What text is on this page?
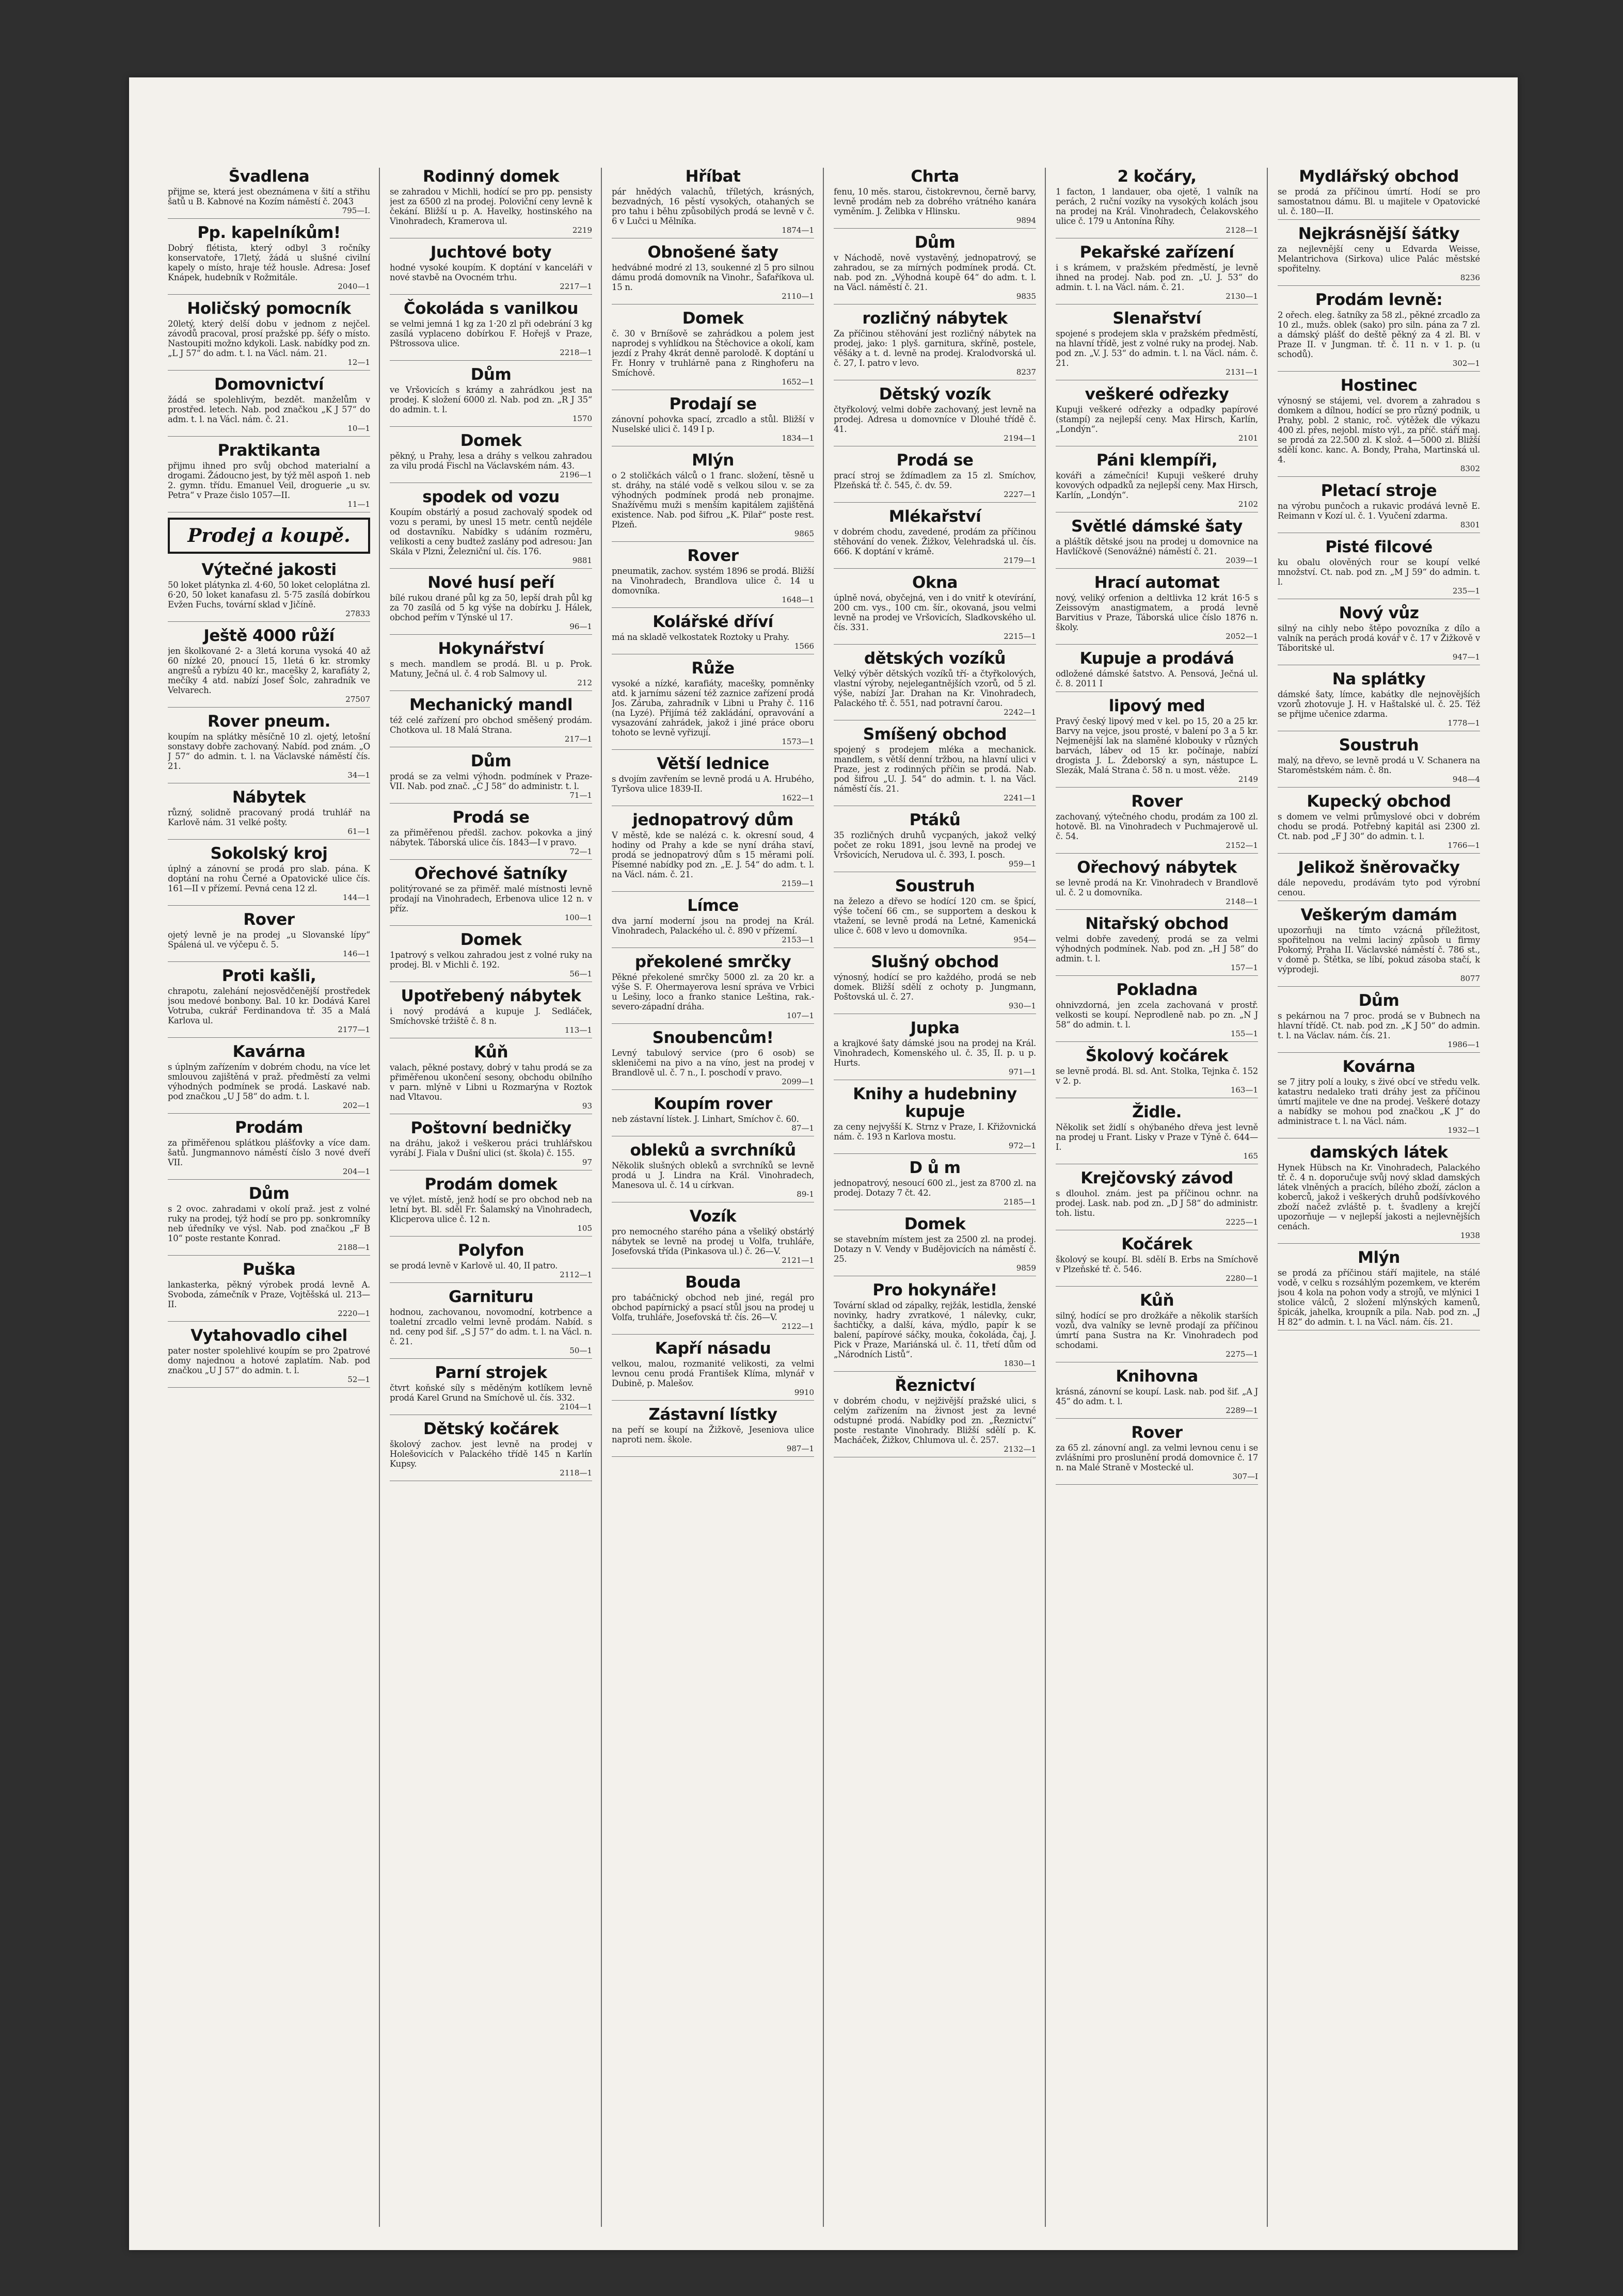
Švadlena
přijme se, která jest obeznámena v šití a střihu šatů u B. Kabnové na Kozím náměstí č. 2043
795—I.
Pp. kapelníkům!
Dobrý flétista, který odbyl 3 ročníky konservatoře, 17letý, žádá u slušné civilní kapely o místo, hraje též housle. Adresa: Josef Knápek, hudebník v Rožmitále.
2040—1
Holičský pomocník
20letý, který delší dobu v jednom z nejčel. závodů pracoval, prosí pražské pp. šéfy o místo. Nastoupiti možno kdykoli. Lask. nabídky pod zn. „L J 57“ do adm. t. l. na Václ. nám. 21.
12—1
Domovnictví
žádá se spolehlivým, bezdět. manželům v prostřed. letech. Nab. pod značkou „K J 57“ do adm. t. l. na Václ. nám. č. 21.
10—1
Praktikanta
přijmu ihned pro svůj obchod materialní a drogami. Žádoucno jest, by týž měl aspoň 1. neb 2. gymn. třídu. Emanuel Veil, droguerie „u sv. Petra“ v Praze čislo 1057—II.
11—1
Prodej a koupě.
Výtečné jakosti
50 loket plátynka zl. 4·60, 50 loket celoplátna zl. 6·20, 50 loket kanafasu zl. 5·75 zasílá dobírkou Evžen Fuchs, tovární sklad v Jičíně.
27833
Ještě 4000 růží
jen školkované 2- a 3letá koruna vysoká 40 až 60 nízké 20, pnoucí 15, 1letá 6 kr. stromky angrešů a rybízu 40 kr., macešky 2, karafiáty 2, mečíky 4 atd. nabízí Josef Šolc, zahradník ve Velvarech.
27507
Rover pneum.
koupím na splátky měsíčně 10 zl. ojetý, letošní sonstavy dobře zachovaný. Nabíd. pod znám. „O J 57“ do admin. t. l. na Václavské náměstí čís. 21.
34—1
Nábytek
různý, solidně pracovaný prodá truhlář na Karlově nám. 31 velké pošty.
61—1
Sokolský kroj
úplný a zánovní se prodá pro slab. pána. K doptání na rohu Černé a Opatovické ulice čís. 161—II v přízemí. Pevná cena 12 zl.
144—1
Rover
ojetý levně je na prodej „u Slovanské lípy“ Spálená ul. ve výčepu č. 5.
146—1
Proti kašli,
chrapotu, zalehání nejosvědčenější prostředek jsou medové bonbony. Bal. 10 kr. Dodává Karel Votruba, cukrář Ferdinandova tř. 35 a Malá Karlova ul.
2177—1
Kavárna
s úplným zařízením v dobrém chodu, na více let smlouvou zajištěná v praž. předměstí za velmi výhodných podmínek se prodá. Laskavé nab. pod značkou „U J 58“ do adm. t. l.
202—1
Prodám
za přiměřenou splátkou plášťovky a více dam. šatů. Jungmannovo náměstí číslo 3 nové dveří VII.
204—1
Dům
s 2 ovoc. zahradami v okolí praž. jest z volné ruky na prodej, týž hodí se pro pp. sonkromníky neb úředníky ve výsl. Nab. pod značkou „F B 10“ poste restante Konrad.
2188—1
Puška
lankasterka, pěkný výrobek prodá levně A. Svoboda, zámečník v Praze, Vojtěšská ul. 213—II.
2220—1
Vytahovadlo cihel
pater noster spolehlivé koupím se pro 2patrové domy najednou a hotové zaplatím. Nab. pod značkou „U J 57“ do admin. t. l.
52—1
Rodinný domek
se zahradou v Michli, hodící se pro pp. pensisty jest za 6500 zl na prodej. Poloviční ceny levně k čekání. Bližší u p. A. Havelky, hostinského na Vinohradech, Kramerova ul.
2219
Juchtové boty
hodné vysoké koupím. K doptání v kanceláři v nové stavbě na Ovocném trhu.
2217—1
Čokoláda s vanilkou
se velmi jemná 1 kg za 1·20 zl při odebrání 3 kg zasílá vyplaceno dobírkou F. Hořejš v Praze, Pštrossova ulice.
2218—1
Dům
ve Vršovicích s krámy a zahrádkou jest na prodej. K složení 6000 zl. Nab. pod zn. „R J 35“ do admin. t. l.
1570
Domek
pěkný, u Prahy, lesa a dráhy s velkou zahradou za vilu prodá Fischl na Václavském nám. 43.
2196—1
spodek od vozu
Koupím obstárlý a posud zachovalý spodek od vozu s perami, by unesl 15 metr. centů nejdéle od dostavníku. Nabídky s udáním rozměru, velikosti a ceny budtež zaslány pod adresou: Jan Skála v Plzni, Železniční ul. čís. 176.
9881
Nové husí peří
bílé rukou drané půl kg za 50, lepší drah půl kg za 70 zasílá od 5 kg výše na dobírku J. Hálek, obchod peřím v Týnské ul 17.
96—1
Hokynářství
s mech. mandlem se prodá. Bl. u p. Prok. Matuny, Ječná ul. č. 4 rob Salmovy ul.
212
Mechanický mandl
též celé zařízení pro obchod směšený prodám. Chotkova ul. 18 Malá Strana.
217—1
Dům
prodá se za velmi výhodn. podmínek v Praze-VII. Nab. pod znač. „C J 58“ do administr. t. l.
71—1
Prodá se
za přiměřenou předšl. zachov. pokovka a jiný nábytek. Táborská ulice čís. 1843—I v pravo.
72—1
Ořechové šatníky
politýrované se za přiměř. malé místnosti levně prodají na Vinohradech, Erbenova ulice 12 n. v příz.
100—1
Domek
1patrový s velkou zahradou jest z volné ruky na prodej. Bl. v Michli č. 192.
56—1
Upotřebený nábytek
i nový prodává a kupuje J. Sedláček, Smíchovské tržiště č. 8 n.
113—1
Kůň
valach, pěkné postavy, dobrý v tahu prodá se za přiměřenou ukončení sesony, obchodu obilního v parn. mlýně v Libni u Rozmarýna v Roztok nad Vltavou.
93
Poštovní bedničky
na dráhu, jakož i veškerou práci truhlářskou vyrábí J. Fiala v Dušní ulici (st. škola) č. 155.
97
Prodám domek
ve výlet. místě, jenž hodí se pro obchod neb na letní byt. Bl. sděl Fr. Šalamský na Vinohradech, Klicperova ulice č. 12 n.
105
Polyfon
se prodá levně v Karlově ul. 40, II patro.
2112—1
Garnituru
hodnou, zachovanou, novomodní, kotrbence a toaletní zrcadlo velmi levně prodám. Nabíd. s nd. ceny pod šif. „S J 57“ do adm. t. l. na Václ. n. č. 21.
50—1
Parní strojek
čtvrt koňské síly s měděným kotlíkem levně prodá Karel Grund na Smíchově ul. čís. 332.
2104—1
Dětský kočárek
školový zachov. jest levně na prodej v Holešovicích v Palackého třídě 145 n Karlín Kupsy.
2118—1
Hříbat
pár hnědých valachů, tříletých, krásných, bezvadných, 16 pěstí vysokých, otahaných se pro tahu i běhu způsobilých prodá se levně v č. 6 v Lučci u Mělníka.
1874—1
Obnošené šaty
hedvábné modré zl 13, soukenné zl 5 pro silnou dámu prodá domovník na Vinohr., Šafaříkova ul. 15 n.
2110—1
Domek
č. 30 v Brníšově se zahrádkou a polem jest naprodej s vyhlídkou na Štěchovice a okolí, kam jezdí z Prahy 4krát denně parolodě. K doptání u Fr. Honry v truhlárně pana z Ringhoferu na Smíchově.
1652—1
Prodají se
zánovní pohovka spací, zrcadlo a stůl. Bližší v Nuselské ulici č. 149 I p.
1834—1
Mlýn
o 2 stoličkách válců o 1 franc. složení, těsně u st. dráhy, na stálé vodě s velkou silou v. se za výhodných podmínek prodá neb pronajme. Snažívěmu muži s menším kapitálem zajištěná existence. Nab. pod šifrou „K. Pilař“ poste rest. Plzeň.
9865
Rover
pneumatik, zachov. systém 1896 se prodá. Bližší na Vinohradech, Brandlova ulice č. 14 u domovníka.
1648—1
Kolářské dříví
má na skladě velkostatek Roztoky u Prahy.
1566
Růže
vysoké a nízké, karafiáty, macešky, pomněnky atd. k jarnímu sázení též zaznice zařízení prodá Jos. Záruba, zahradník v Libni u Prahy č. 116 (na Lyzé). Přijímá též zakládání, opravování a vysazování zahrádek, jakož i jiné práce oboru tohoto se levně vyřizují.
1573—1
Větší lednice
s dvojím zavřením se levně prodá u A. Hrubého, Tyršova ulice 1839-II.
1622—1
jednopatrový dům
V městě, kde se nalézá c. k. okresní soud, 4 hodiny od Prahy a kde se nyní dráha staví, prodá se jednopatrový dům s 15 měrami polí. Písemné nabídky pod zn. „E. J. 54“ do adm. t. l. na Václ. nám. č. 21.
2159—1
Límce
dva jarní moderní jsou na prodej na Král. Vinohradech, Palackého ul. č. 890 v přízemí.
2153—1
překolené smrčky
Pěkné překolené smrčky 5000 zl. za 20 kr. a výše S. F. Ohermayerova lesní správa ve Vrbici u Lešiny, loco a franko stanice Leština, rak.-severo-západní dráha.
107—1
Snoubencům!
Levný tabulový service (pro 6 osob) se skleničemi na pivo a na víno, jest na prodej v Brandlově ul. č. 7 n., I. poschodí v pravo.
2099—1
Koupím rover
neb zástavní lístek. J. Linhart, Smíchov č. 60.
87—1
obleků a svrchníků
Několik slušných obleků a svrchníků se levně prodá u J. Lindra na Král. Vinohradech, Manesova ul. č. 14 u církvan.
89-1
Vozík
pro nemocného starého pána a všeliký obstárlý nábytek se levně na prodej u Volfa, truhláře, Josefovská třída (Pinkasova ul.) č. 26—V.
2121—1
Bouda
pro tabáčnický obchod neb jiné, regál pro obchod papírnický a psací stůl jsou na prodej u Volfa, truhláře, Josefovská tř. čís. 26—V.
2122—1
Kapří násadu
velkou, malou, rozmanité velikosti, za velmi levnou cenu prodá František Klíma, mlynář v Dubině, p. Malešov.
9910
Zástavní lístky
na peří se koupí na Žižkově, Jeseniova ulice naproti nem. škole.
987—1
Chrta
fenu, 10 měs. starou, čistokrevnou, černě barvy, levně prodám neb za dobrého vrátného kanára vyměním. J. Želibka v Hlinsku.
9894
Dům
v Náchodě, nově vystavěný, jednopatrový, se zahradou, se za mírných podmínek prodá. Ct. nab. pod zn. „Výhodná koupě 64“ do adm. t. l. na Václ. náměstí č. 21.
9835
rozličný nábytek
Za příčinou stěhování jest rozličný nábytek na prodej, jako: 1 plyš. garnitura, skříně, postele, věšáky a t. d. levně na prodej. Kralodvorská ul. č. 27, I. patro v levo.
8237
Dětský vozík
čtyřkolový, velmi dobře zachovaný, jest levně na prodej. Adresa u domovníce v Dlouhé třídě č. 41.
2194—1
Prodá se
prací stroj se ždímadlem za 15 zl. Smíchov, Plzeňská tř. č. 545, č. dv. 59.
2227—1
Mlékařství
v dobrém chodu, zavedené, prodám za příčinou stěhování do venek. Žižkov, Velehradská ul. čís. 666. K doptání v krámě.
2179—1
Okna
úplně nová, obyčejná, ven i do vnitř k otevírání, 200 cm. vys., 100 cm. šír., okovaná, jsou velmi levně na prodej ve Vršovicích, Sladkovského ul. čís. 331.
2215—1
dětských vozíků
Velký výběr dětských vozíků tří- a čtyřkolových, vlastní výroby, nejelegantnějších vzorů, od 5 zl. výše, nabízí Jar. Drahan na Kr. Vinohradech, Palackého tř. č. 551, nad potravní čarou.
2242—1
Smíšený obchod
spojený s prodejem mléka a mechanick. mandlem, s větší denní tržbou, na hlavní ulici v Praze, jest z rodinných příčin se prodá. Nab. pod šifrou „U. J. 54“ do admin. t. l. na Václ. náměstí čís. 21.
2241—1
Ptáků
35 rozličných druhů vycpaných, jakož velký počet ze roku 1891, jsou levně na prodej ve Vršovicích, Nerudova ul. č. 393, I. posch.
959—1
Soustruh
na železo a dřevo se hodící 120 cm. se špicí, výše točení 66 cm., se supportem a deskou k vtažení, se levně prodá na Letné, Kamenická ulice č. 608 v levo u domovníka.
954—
Slušný obchod
výnosný, hodící se pro každého, prodá se neb domek. Bližší sdělí z ochoty p. Jungmann, Poštovská ul. č. 27.
930—1
Jupka
a krajkové šaty dámské jsou na prodej na Král. Vinohradech, Komenského ul. č. 35, II. p. u p. Hurts.
971—1
Knihy a hudebniny kupuje
za ceny nejvyšší K. Strnz v Praze, I. Křižovnická nám. č. 193 n Karlova mostu.
972—1
D ů m
jednopatrový, nesoucí 600 zl., jest za 8700 zl. na prodej. Dotazy 7 čt. 42.
2185—1
Domek
se stavebním místem jest za 2500 zl. na prodej. Dotazy n V. Vendy v Budějovicích na náměstí č. 25.
9859
Pro hokynáře!
Tovární sklad od zápalky, rejžák, lestidla, ženské novinky, hadry zvratkové, 1 nálevky, cukr, šachtičky, a další, káva, mýdlo, papír k se balení, papírové sáčky, mouka, čokoláda, čaj, J. Pick v Praze, Mariánská ul. č. 11, třetí dům od „Národních Listů“.
1830—1
Řeznictví
v dobrém chodu, v nejživější pražské ulici, s celým zařízením na živnost jest za levné odstupné prodá. Nabídky pod zn. „Řeznictví“ poste restante Vinohrady. Bližší sdělí p. K. Macháček, Žižkov, Chlumova ul. č. 257.
2132—1
2 kočáry,
1 facton, 1 landauer, oba ojetě, 1 valník na perách, 2 ruční vozíky na vysokých kolách jsou na prodej na Král. Vinohradech, Čelakovského ulice č. 179 u Antonína Říhy.
2128—1
Pekařské zařízení
i s krámem, v pražském předměstí, je levně ihned na prodej. Nab. pod zn. „U. J. 53“ do admin. t. l. na Václ. nám. č. 21.
2130—1
Slenařství
spojené s prodejem skla v pražském předměstí, na hlavní třídě, jest z volné ruky na prodej. Nab. pod zn. „V. J. 53“ do admin. t. l. na Václ. nám. č. 21.
2131—1
veškeré odřezky
Kupuji veškeré odřezky a odpadky papírové (stampí) za nejlepší ceny. Max Hirsch, Karlín, „Londýn“.
2101
Páni klempíři,
kováři a zámečníci! Kupuji veškeré druhy kovových odpadků za nejlepší ceny. Max Hirsch, Karlín, „Londýn“.
2102
Světlé dámské šaty
a pláštík dětské jsou na prodej u domovnice na Havlíčkově (Senovážné) náměstí č. 21.
2039—1
Hrací automat
nový, veliký orfenion a deltlivka 12 krát 16·5 s Zeissovým anastigmatem, a prodá levně Barvitius v Praze, Táborská ulice číslo 1876 n. školy.
2052—1
Kupuje a prodává
odložené dámské šatstvo. A. Pensová, Ječná ul. č. 8. 2011 I
lipový med
Pravý český lipový med v kel. po 15, 20 a 25 kr. Barvy na vejce, jsou prosté, v balení po 3 a 5 kr. Nejmenější lak na slaměné klobouky v různých barvách, lábev od 15 kr. počínaje, nabízí drogista J. L. Ždeborský a syn, nástupce L. Slezák, Malá Strana č. 58 n. u most. věže.
2149
Rover
zachovaný, výtečného chodu, prodám za 100 zl. hotově. Bl. na Vinohradech v Puchmajerově ul. č. 54.
2152—1
Ořechový nábytek
se levně prodá na Kr. Vinohradech v Brandlově ul. č. 2 u domovníka.
2148—1
Nitařský obchod
velmi dobře zavedený, prodá se za velmi výhodných podmínek. Nab. pod zn. „H J 58“ do admin. t. l.
157—1
Pokladna
ohnivzdorná, jen zcela zachovaná v prostř. velkosti se koupí. Neprodleně nab. po zn. „N J 58“ do admin. t. l.
155—1
Školový kočárek
se levně prodá. Bl. sd. Ant. Stolka, Tejnka č. 152 v 2. p.
163—1
Židle.
Několik set židlí s ohýbaného dřeva jest levně na prodej u Frant. Lisky v Praze v Týně č. 644—I.
165
Krejčovský závod
s dlouhol. znám. jest pa příčinou ochnr. na prodej. Lask. nab. pod zn. „D J 58“ do administr. toh. listu.
2225—1
Kočárek
školový se koupí. Bl. sdělí B. Erbs na Smíchově v Plzeňské tř. č. 546.
2280—1
Kůň
silný, hodící se pro drožkáře a několik starších vozů, dva valníky se levně prodají za příčinou úmrtí pana Sustra na Kr. Vinohradech pod schodami.
2275—1
Knihovna
krásná, zánovní se koupí. Lask. nab. pod šif. „A J 45“ do adm. t. l.
2289—1
Rover
za 65 zl. zánovní angl. za velmi levnou cenu i se zvlášními pro proslunění prodá domovnice č. 17 n. na Malé Straně v Mostecké ul.
307—I
Mydlářský obchod
se prodá za příčinou úmrtí. Hodí se pro samostatnou dámu. Bl. u majitele v Opatovické ul. č. 180—II.
Nejkrásnější šátky
za nejlevnější ceny u Edvarda Weisse, Melantrichova (Sirkova) ulice Palác městské spořitelny.
8236
Prodám levně:
2 ořech. eleg. šatníky za 58 zl., pěkné zrcadlo za 10 zl., mužs. oblek (sako) pro siln. pána za 7 zl. a dámský plášť do deště pěkný za 4 zl. Bl. v Praze II. v Jungman. tř. č. 11 n. v 1. p. (u schodů).
302—1
Hostinec
výnosný se stájemi, vel. dvorem a zahradou s domkem a dílnou, hodící se pro různý podnik, u Prahy, pobl. 2 stanic, roč. výtěžek dle výkazu 400 zl. přes, nejobl. místo výl., za příč. stáří maj. se prodá za 22.500 zl. K slož. 4—5000 zl. Bližší sdělí konc. kanc. A. Bondy, Praha, Martinská ul. 4.
8302
Pletací stroje
na výrobu punčoch a rukavic prodává levně E. Reimann v Kozí ul. č. 1. Vyučení zdarma.
8301
Pisté filcové
ku obalu olověných rour se koupí velké množství. Ct. nab. pod zn. „M J 59“ do admin. t. l.
235—1
Nový vůz
silný na cihly nebo štěpo povozníka z dílo a valník na perách prodá kovář v č. 17 v Žižkově v Táboritské ul.
947—1
Na splátky
dámské šaty, límce, kabátky dle nejnovějších vzorů zhotovuje J. H. v Haštalské ul. č. 25. Též se přijme učenice zdarma.
1778—1
Soustruh
malý, na dřevo, se levně prodá u V. Schanera na Staroměstském nám. č. 8n.
948—4
Kupecký obchod
s domem ve velmi průmyslové obci v dobrém chodu se prodá. Potřebný kapitál asi 2300 zl. Ct. nab. pod „F J 30“ do admin. t. l.
1766—1
Jelikož šněrovačky
dále nepovedu, prodávám tyto pod výrobní cenou.
Veškerým damám
upozorňuji na tímto vzácná příležitost, spořitelnou na velmi laciný způsob u firmy Pokorný, Praha II. Václavské náměstí č. 786 st., v domě p. Štětka, se líbí, pokud zásoba stačí, k výprodeji.
8077
Dům
s pekárnou na 7 proc. prodá se v Bubnech na hlavní třídě. Ct. nab. pod zn. „K J 50“ do admin. t. l. na Václav. nám. čís. 21.
1986—1
Kovárna
se 7 jitry polí a louky, s živé obcí ve středu velk. katastru nedaleko trati dráhy jest za příčinou úmrtí majitele ve dne na prodej. Veškeré dotazy a nabídky se mohou pod značkou „K J“ do administrace t. l. na Václ. nám.
1932—1
damských látek
Hynek Hübsch na Kr. Vinohradech, Palackého tř. č. 4 n. doporučuje svůj nový sklad damských látek vlněných a pracích, bílého zboží, záclon a koberců, jakož i veškerých druhů podšívkového zboží načež zvláště p. t. švadleny a krejčí upozorňuje — v nejlepší jakosti a nejlevnějších cenách.
1938
Mlýn
se prodá za příčinou stáří majitele, na stálé vodě, v celku s rozsáhlým pozemkem, ve kterém jsou 4 kola na pohon vody a strojů, ve mlýnici 1 stolice válců, 2 složení mlýnských kamenů, špicák, jahelka, kroupník a pila. Nab. pod zn. „J H 82“ do admin. t. l. na Václ. nám. čís. 21.
